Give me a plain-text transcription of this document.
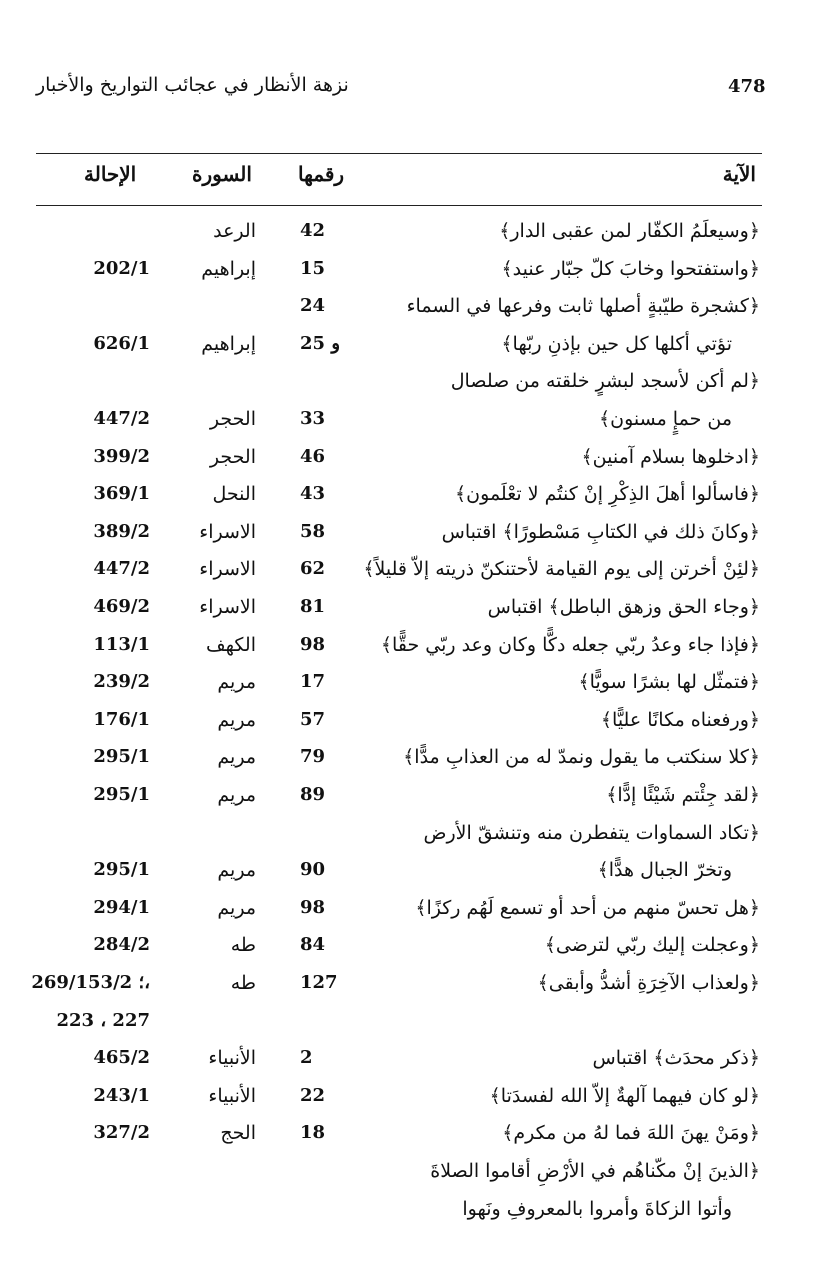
نزهة الأنظار في عجائب التواريخ والأخبار	478
الآية
رقمها
السورة
الإحالة
﴿وسيعلَمُ الكفّار لمن عقبى الدار﴾
42
الرعد
﴿واستفتحوا وخابَ كلّ جبّار عنيد﴾
15
إبراهيم
202/1
﴿كشجرة طيّبةٍ أصلها ثابت وفرعها في السماء
24
تؤتي أكلها كل حين بإذنِ ربّها﴾
و 25
إبراهيم
626/1
﴿لم أكن لأسجد لبشرٍ خلقته من صلصال
من حمإٍ مسنون﴾
33
الحجر
447/2
﴿ادخلوها بسلام آمنين﴾
46
الحجر
399/2
﴿فاسألوا أهلَ الذِكْرِ إنْ كنتُم لا تعْلَمون﴾
43
النحل
369/1
﴿وكانَ ذلك في الكتابِ مَسْطورًا﴾ اقتباس
58
الاسراء
389/2
﴿لئِنْ أخرتن إلى يوم القيامة لأحتنكنّ ذريته إلاّ قليلاً﴾
62
الاسراء
447/2
﴿وجاء الحق وزهق الباطل﴾ اقتباس
81
الاسراء
469/2
﴿فإذا جاء وعدُ ربّي جعله دكًّا وكان وعد ربّي حقًّا﴾
98
الكهف
113/1
﴿فتمثّل لها بشرًا سويًّا﴾
17
مريم
239/2
﴿ورفعناه مكانًا عليًّا﴾
57
مريم
176/1
﴿كلا سنكتب ما يقول ونمدّ له من العذابِ مدًّا﴾
79
مريم
295/1
﴿لقد جِئْتم شَيْئًا إدًّا﴾
89
مريم
295/1
﴿تكاد السماوات يتفطرن منه وتنشقّ الأرض
وتخرّ الجبال هدًّا﴾
90
مريم
295/1
﴿هل تحسّ منهم من أحد أو تسمع لَهُم ركزًا﴾
98
مريم
294/1
﴿وعجلت إليك ربّي لترضى﴾
84
طه
284/2
﴿ولعذاب الآخِرَةِ أشدُّ وأبقى﴾
127
طه
269/1؛ 53/2،
223 ، 227
﴿ذكر محدَث﴾ اقتباس
2
الأنبياء
465/2
﴿لو كان فيهما آلهةٌ إلاّ الله لفسدَتا﴾
22
الأنبياء
243/1
﴿ومَنْ يهنَ اللهَ فما لهُ من مكرم﴾
18
الحج
327/2
﴿الذينَ إنْ مكّناهُم في الأرْضِ أقاموا الصلاةَ
وأتوا الزكاةَ وأمروا بالمعروفِ ونَهوا
